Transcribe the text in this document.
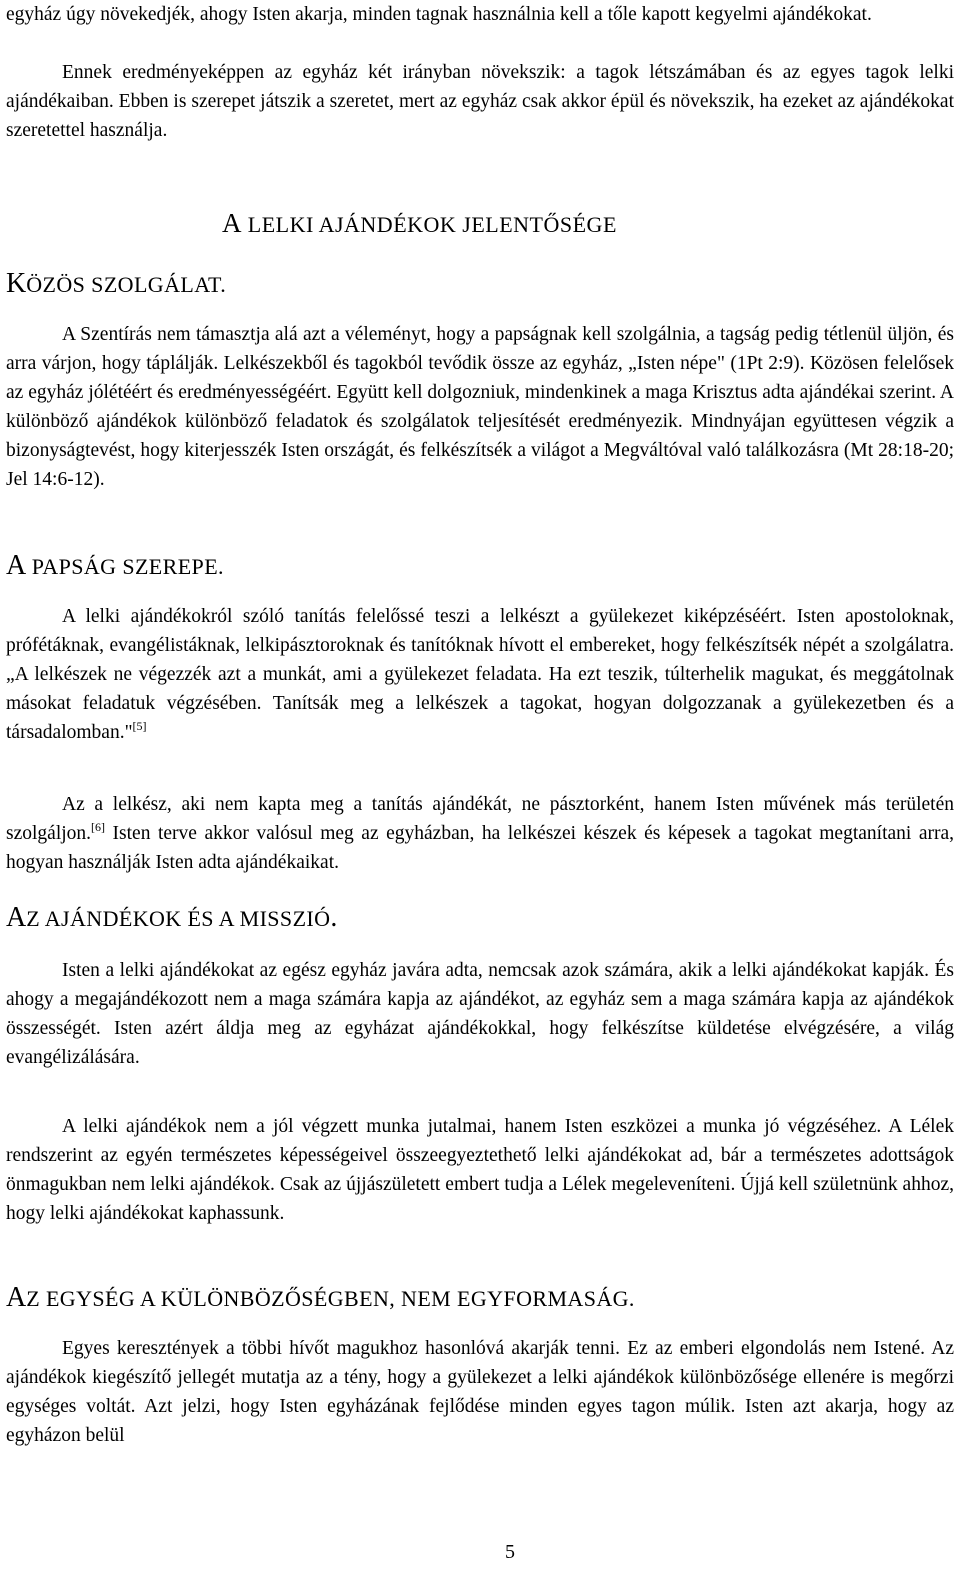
egyház úgy növekedjék, ahogy Isten akarja, minden tagnak használnia kell a tőle kapott kegyelmi ajándékokat.

Ennek eredményeképpen az egyház két irányban növekszik: a tagok létszámában és az egyes tagok lelki ajándékaiban. Ebben is szerepet játszik a szeretet, mert az egyház csak akkor épül és növekszik, ha ezeket az ajándékokat szeretettel használja.

A LELKI AJÁNDÉKOK JELENTŐSÉGE
KÖZÖS SZOLGÁLAT.

A Szentírás nem támasztja alá azt a véleményt, hogy a papságnak kell szolgálnia, a tagság pedig tétlenül üljön, és arra várjon, hogy táplálják. Lelkészekből és tagokból tevődik össze az egyház, „Isten népe" (1Pt 2:9). Közösen felelősek az egyház jólétéért és eredményességéért. Együtt kell dolgozniuk, mindenkinek a maga Krisztus adta ajándékai szerint. A különböző ajándékok különböző feladatok és szolgálatok teljesítését eredményezik. Mindnyájan együttesen végzik a bizonyságtevést, hogy kiterjesszék Isten országát, és felkészítsék a világot a Megváltóval való találkozásra (Mt 28:18-20; Jel 14:6-12).

A PAPSÁG SZEREPE.

A lelki ajándékokról szóló tanítás felelőssé teszi a lelkészt a gyülekezet kiképzéséért. Isten apostoloknak, prófétáknak, evangélistáknak, lelkipásztoroknak és tanítóknak hívott el embereket, hogy felkészítsék népét a szolgálatra. „A lelkészek ne végezzék azt a munkát, ami a gyülekezet feladata. Ha ezt teszik, túlterhelik magukat, és meggátolnak másokat feladatuk végzésében. Tanítsák meg a lelkészek a tagokat, hogyan dolgozzanak a gyülekezetben és a társadalomban."[5]

Az a lelkész, aki nem kapta meg a tanítás ajándékát, ne pásztorként, hanem Isten művének más területén szolgáljon.[6] Isten terve akkor valósul meg az egyházban, ha lelkészei készek és képesek a tagokat megtanítani arra, hogyan használják Isten adta ajándékaikat.

AZ AJÁNDÉKOK ÉS A MISSZIÓ.

Isten a lelki ajándékokat az egész egyház javára adta, nemcsak azok számára, akik a lelki ajándékokat kapják. És ahogy a megajándékozott nem a maga számára kapja az ajándékot, az egyház sem a maga számára kapja az ajándékok összességét. Isten azért áldja meg az egyházat ajándékokkal, hogy felkészítse küldetése elvégzésére, a világ evangélizálására.

A lelki ajándékok nem a jól végzett munka jutalmai, hanem Isten eszközei a munka jó végzéséhez. A Lélek rendszerint az egyén természetes képességeivel összeegyeztethető lelki ajándékokat ad, bár a természetes adottságok önmagukban nem lelki ajándékok. Csak az újjászületett embert tudja a Lélek megeleveníteni. Újjá kell születnünk ahhoz, hogy lelki ajándékokat kaphassunk.

AZ EGYSÉG A KÜLÖNBÖZŐSÉGBEN, NEM EGYFORMASÁG.

Egyes keresztények a többi hívőt magukhoz hasonlóvá akarják tenni. Ez az emberi elgondolás nem Istené. Az ajándékok kiegészítő jellegét mutatja az a tény, hogy a gyülekezet a lelki ajándékok különbözősége ellenére is megőrzi egységes voltát. Azt jelzi, hogy Isten egyházának fejlődése minden egyes tagon múlik. Isten azt akarja, hogy az egyházon belül

5
